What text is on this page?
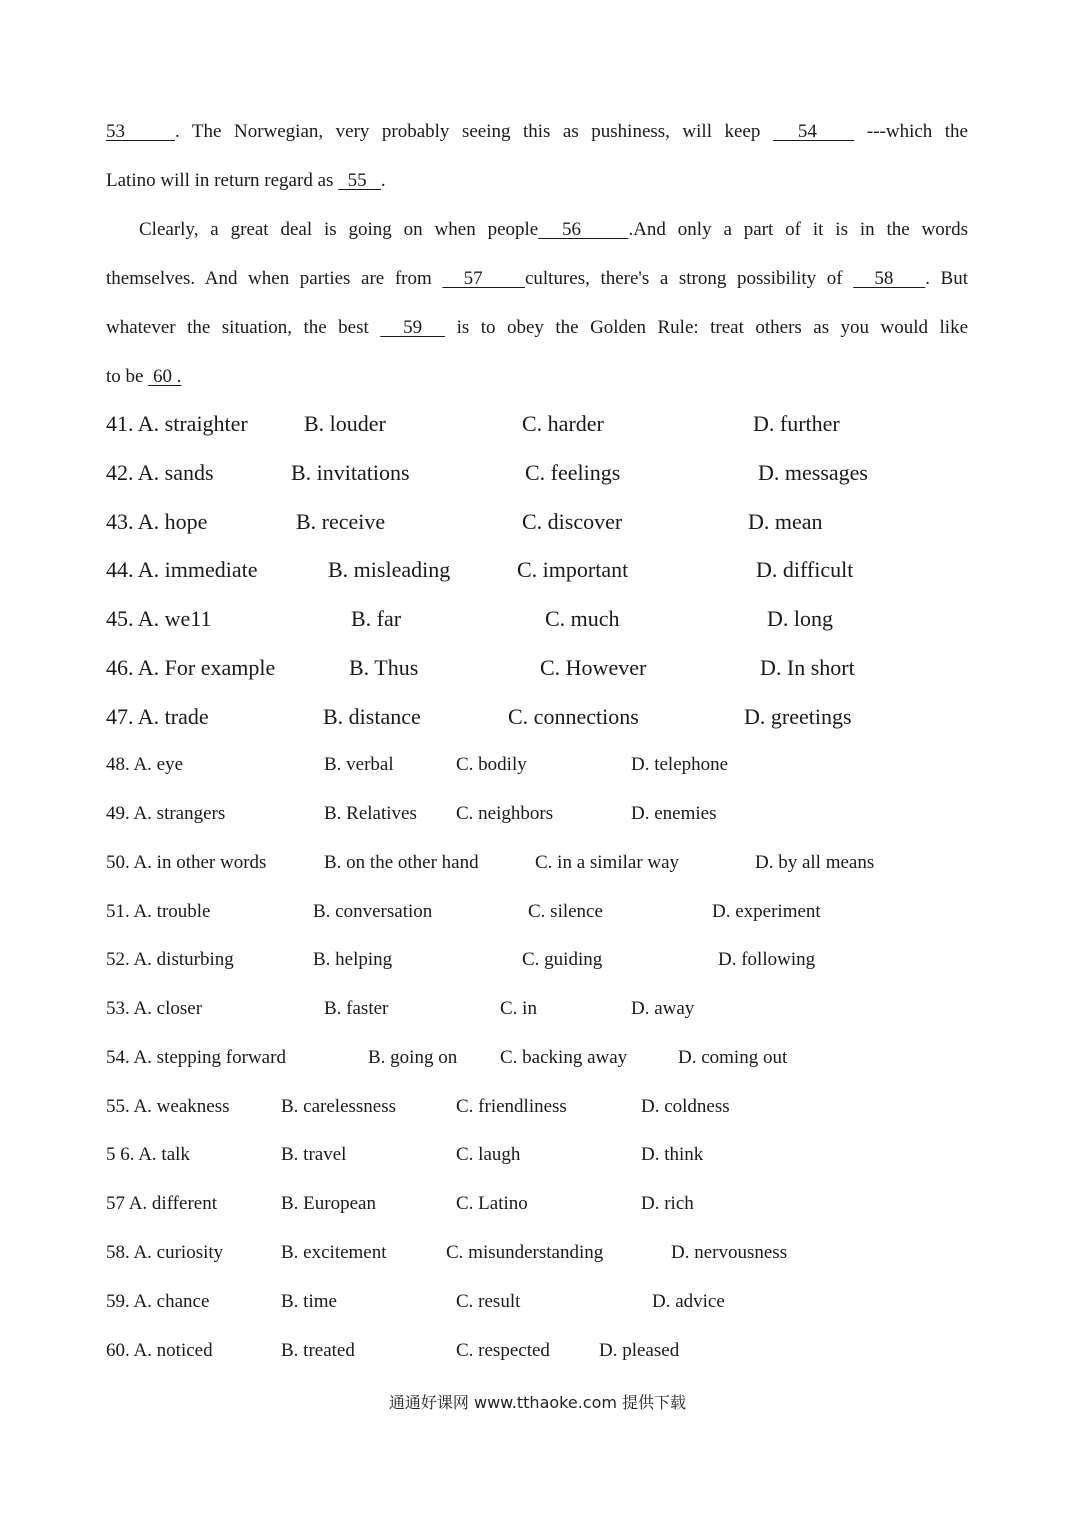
53    . The Norwegian, very probably seeing this as pushiness, will keep   54    ---which the
Latino will in return regard as   55   .
Clearly, a great deal is going on when people  56    .And only a part of it is in the words
themselves. And when parties are from   57    cultures, there's a strong possibility of   58   . But
whatever the situation, the best   59   is to obey the Golden Rule: treat others as you would like
to be  60 .
41. A. straighter	B. louder	C. harder	D. further
42. A. sands	B. invitations	C. feelings	D. messages
43. A. hope	B. receive	C. discover	D. mean
44. A. immediate	B. misleading	C. important	D. difficult
45. A. we11	B. far	C. much	D. long
46. A. For example	B. Thus	C. However	D. In short
47. A. trade	B. distance	C. connections	D. greetings
48. A. eye	B. verbal	C. bodily	D. telephone
49. A. strangers	B. Relatives C. neighbors	D. enemies
50. A. in other words	B. on the other hand	C. in a similar way	D. by all means
51. A. trouble	B. conversation	C. silence	D. experiment
52. A. disturbing	B. helping	C. guiding	D. following
53. A. closer	B. faster	C. in	D. away
54. A. stepping forward	B. going on C. backing away	D. coming out
55. A. weakness	B. carelessness	C. friendliness	D. coldness
5 6. A. talk	B. travel	C. laugh	D. think
57 A. different	B. European	C. Latino	D. rich
58. A. curiosity	B. excitement	C. misunderstanding	D. nervousness
59. A. chance	B. time	C. result	D. advice
60. A. noticed	B. treated	C. respected	D. pleased
通通好课网 www.tthaoke.com 提供下载
